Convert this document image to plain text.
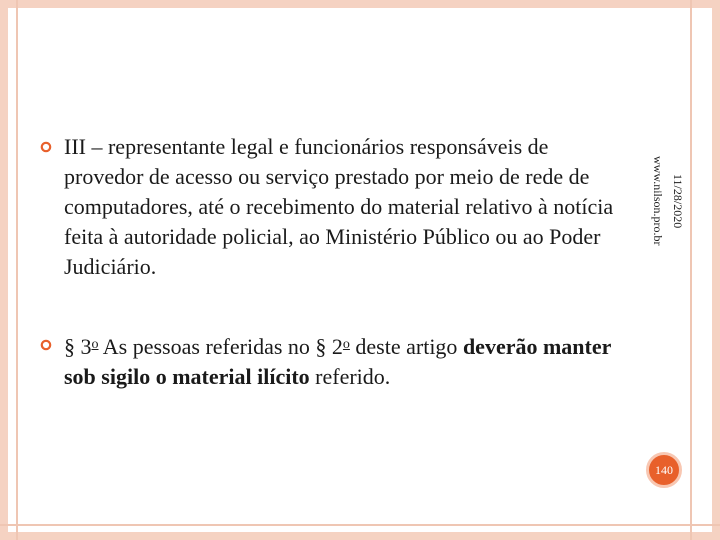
III – representante legal e funcionários responsáveis de provedor de acesso ou serviço prestado por meio de rede de computadores, até o recebimento do material relativo à notícia feita à autoridade policial, ao Ministério Público ou ao Poder Judiciário.
§ 3$^o$ As pessoas referidas no § 2$^o$ deste artigo deverão manter sob sigilo o material ilícito referido.
11/28/2020
www.nilson.pro.br
140
